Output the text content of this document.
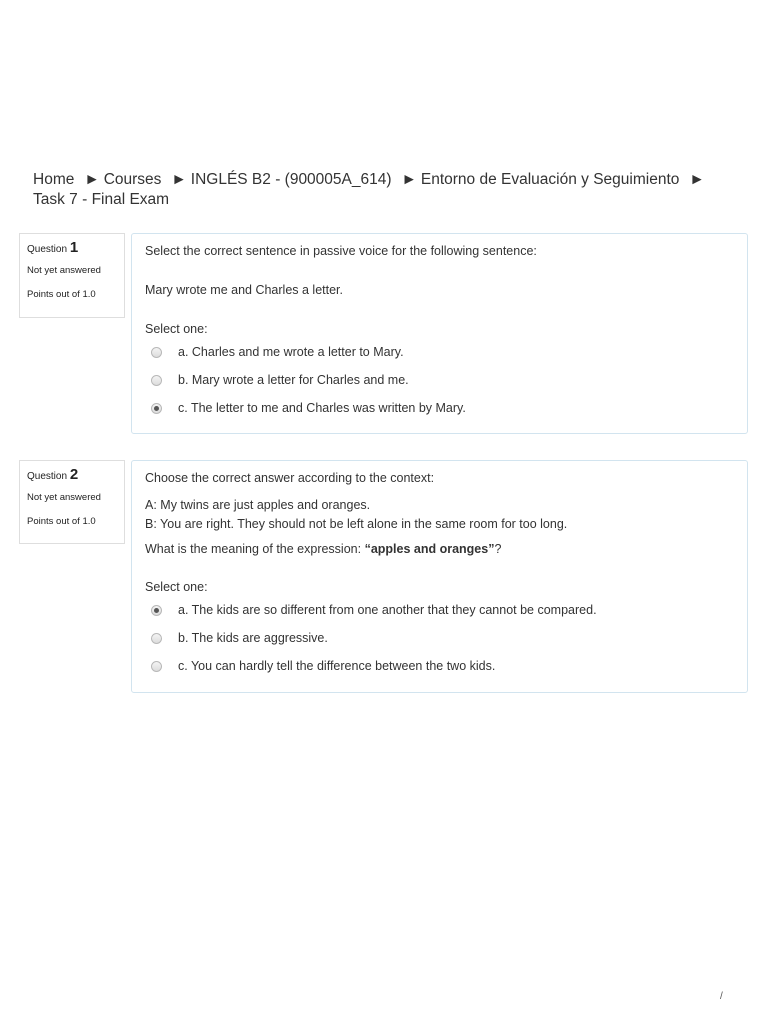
Home ► Courses ► INGLÉS B2 - (900005A_614) ► Entorno de Evaluación y Seguimiento ►
Task 7 - Final Exam
Question 1
Not yet answered
Points out of 1.0

Select the correct sentence in passive voice for the following sentence:

Mary wrote me and Charles a letter.

Select one:
a. Charles and me wrote a letter to Mary.
b. Mary wrote a letter for Charles and me.
c. The letter to me and Charles was written by Mary.
Question 2
Not yet answered
Points out of 1.0

Choose the correct answer according to the context:

A: My twins are just apples and oranges.

B: You are right. They should not be left alone in the same room for too long.

What is the meaning of the expression: “apples and oranges”?

Select one:
a. The kids are so different from one another that they cannot be compared.
b. The kids are aggressive.
c. You can hardly tell the difference between the two kids.
/
